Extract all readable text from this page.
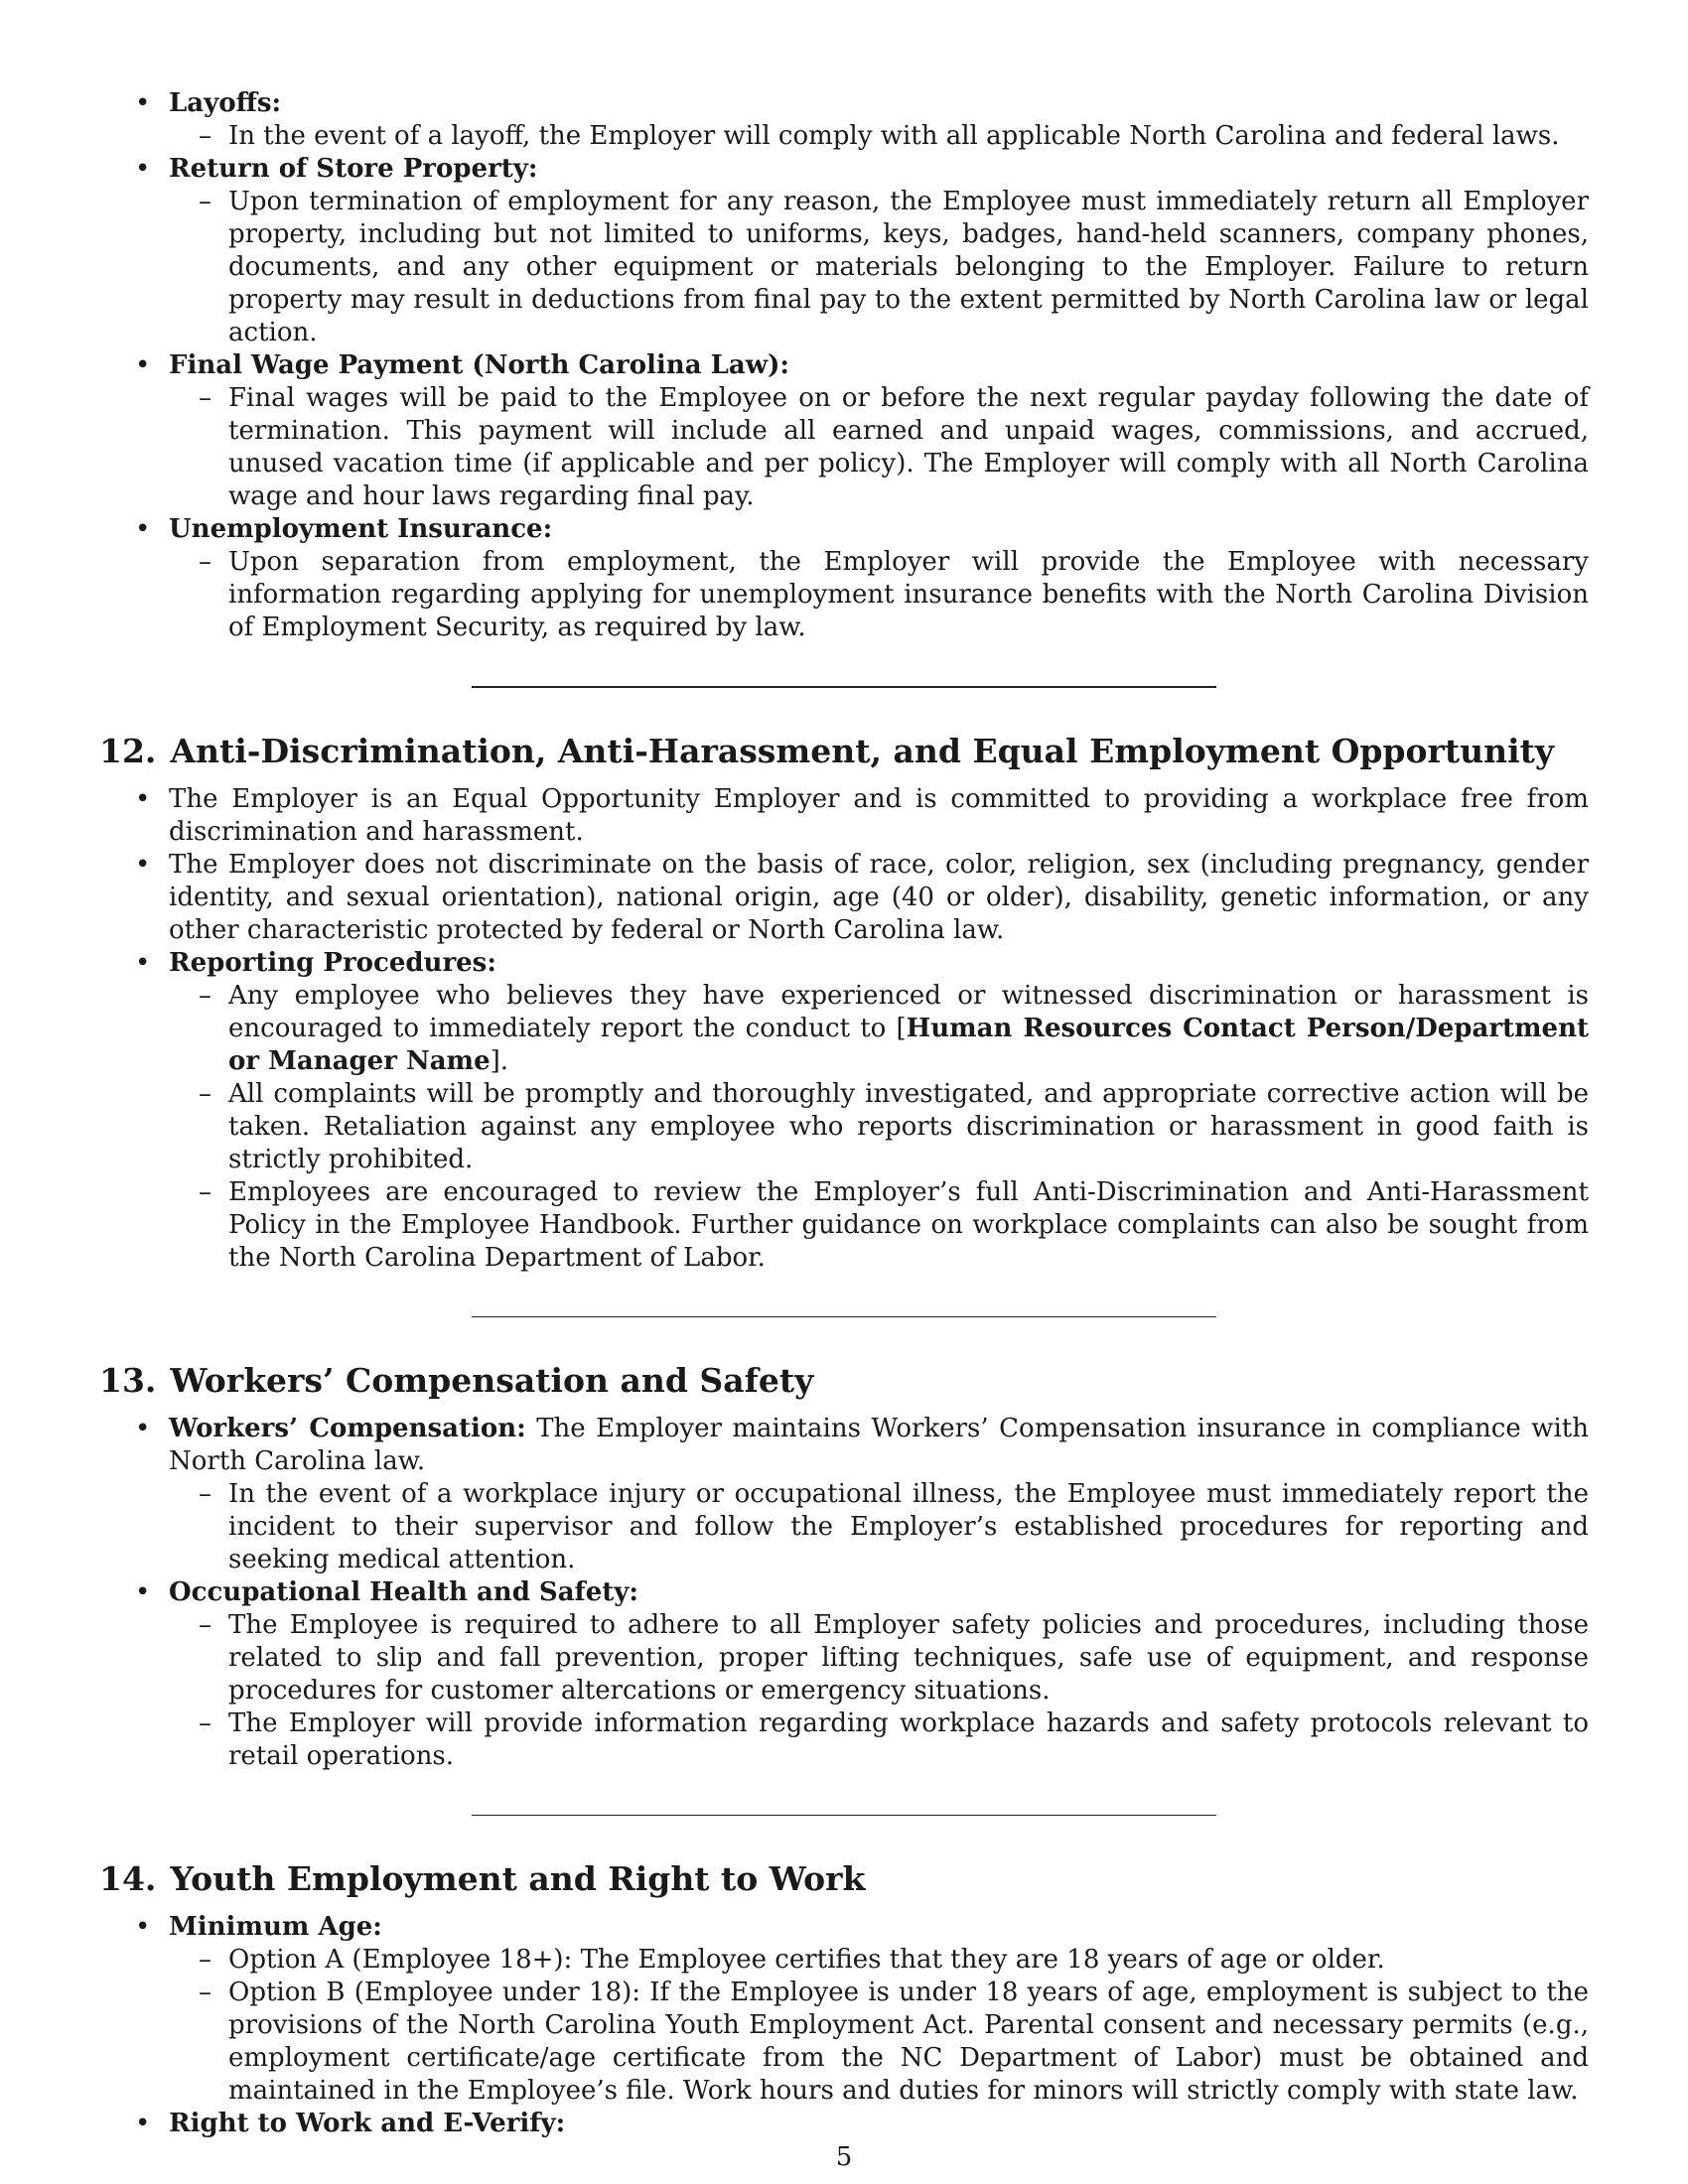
• Layoffs:
– In the event of a layoff, the Employer will comply with all applicable North Carolina and federal laws.
• Return of Store Property:
– Upon termination of employment for any reason, the Employee must immediately return all Employer property, including but not limited to uniforms, keys, badges, hand-held scanners, company phones, documents, and any other equipment or materials belonging to the Employer. Failure to return property may result in deductions from final pay to the extent permitted by North Carolina law or legal action.
• Final Wage Payment (North Carolina Law):
– Final wages will be paid to the Employee on or before the next regular payday following the date of termination. This payment will include all earned and unpaid wages, commissions, and accrued, unused vacation time (if applicable and per policy). The Employer will comply with all North Carolina wage and hour laws regarding final pay.
• Unemployment Insurance:
– Upon separation from employment, the Employer will provide the Employee with necessary information regarding applying for unemployment insurance benefits with the North Carolina Division of Employment Security, as required by law.
12. Anti-Discrimination, Anti-Harassment, and Equal Employment Opportunity
• The Employer is an Equal Opportunity Employer and is committed to providing a workplace free from discrimination and harassment.
• The Employer does not discriminate on the basis of race, color, religion, sex (including pregnancy, gender identity, and sexual orientation), national origin, age (40 or older), disability, genetic information, or any other characteristic protected by federal or North Carolina law.
• Reporting Procedures:
– Any employee who believes they have experienced or witnessed discrimination or harassment is encouraged to immediately report the conduct to [Human Resources Contact Person/Department or Manager Name].
– All complaints will be promptly and thoroughly investigated, and appropriate corrective action will be taken. Retaliation against any employee who reports discrimination or harassment in good faith is strictly prohibited.
– Employees are encouraged to review the Employer’s full Anti-Discrimination and Anti-Harassment Policy in the Employee Handbook. Further guidance on workplace complaints can also be sought from the North Carolina Department of Labor.
13. Workers’ Compensation and Safety
• Workers’ Compensation: The Employer maintains Workers’ Compensation insurance in compliance with North Carolina law.
– In the event of a workplace injury or occupational illness, the Employee must immediately report the incident to their supervisor and follow the Employer’s established procedures for reporting and seeking medical attention.
• Occupational Health and Safety:
– The Employee is required to adhere to all Employer safety policies and procedures, including those related to slip and fall prevention, proper lifting techniques, safe use of equipment, and response procedures for customer altercations or emergency situations.
– The Employer will provide information regarding workplace hazards and safety protocols relevant to retail operations.
14. Youth Employment and Right to Work
• Minimum Age:
– Option A (Employee 18+): The Employee certifies that they are 18 years of age or older.
– Option B (Employee under 18): If the Employee is under 18 years of age, employment is subject to the provisions of the North Carolina Youth Employment Act. Parental consent and necessary permits (e.g., employment certificate/age certificate from the NC Department of Labor) must be obtained and maintained in the Employee’s file. Work hours and duties for minors will strictly comply with state law.
• Right to Work and E-Verify:
5
